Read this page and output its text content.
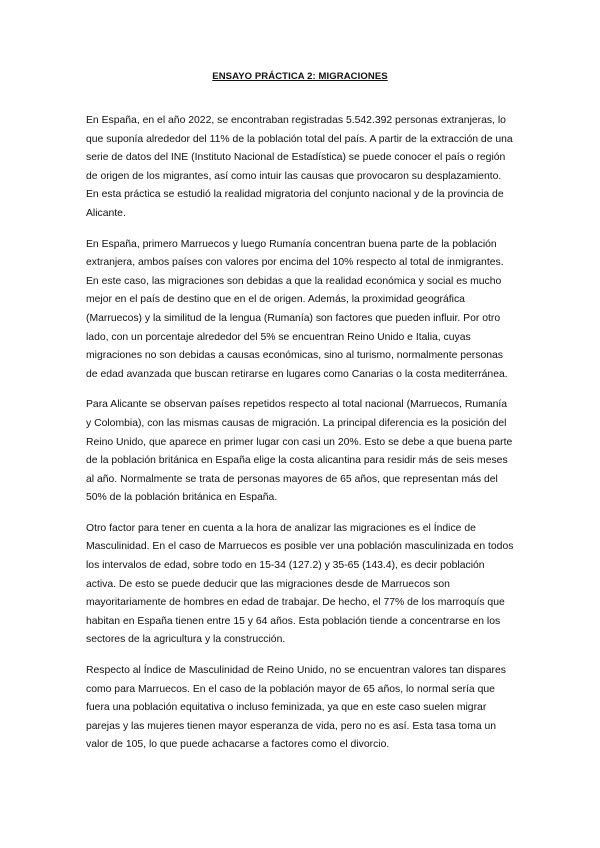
ENSAYO PRÁCTICA 2: MIGRACIONES

En España, en el año 2022, se encontraban registradas 5.542.392 personas extranjeras, lo que suponía alrededor del 11% de la población total del país. A partir de la extracción de una serie de datos del INE (Instituto Nacional de Estadística) se puede conocer el país o región de origen de los migrantes, así como intuir las causas que provocaron su desplazamiento. En esta práctica se estudió la realidad migratoria del conjunto nacional y de la provincia de Alicante.

En España, primero Marruecos y luego Rumanía concentran buena parte de la población extranjera, ambos países con valores por encima del 10% respecto al total de inmigrantes. En este caso, las migraciones son debidas a que la realidad económica y social es mucho mejor en el país de destino que en el de origen. Además, la proximidad geográfica (Marruecos) y la similitud de la lengua (Rumanía) son factores que pueden influir. Por otro lado, con un porcentaje alrededor del 5% se encuentran Reino Unido e Italia, cuyas migraciones no son debidas a causas económicas, sino al turismo, normalmente personas de edad avanzada que buscan retirarse en lugares como Canarias o la costa mediterránea.

Para Alicante se observan países repetidos respecto al total nacional (Marruecos, Rumanía y Colombia), con las mismas causas de migración. La principal diferencia es la posición del Reino Unido, que aparece en primer lugar con casi un 20%. Esto se debe a que buena parte de la población británica en España elige la costa alicantina para residir más de seis meses al año. Normalmente se trata de personas mayores de 65 años, que representan más del 50% de la población británica en España.

Otro factor para tener en cuenta a la hora de analizar las migraciones es el Índice de Masculinidad. En el caso de Marruecos es posible ver una población masculinizada en todos los intervalos de edad, sobre todo en 15-34 (127.2) y 35-65 (143.4), es decir población activa. De esto se puede deducir que las migraciones desde de Marruecos son mayoritariamente de hombres en edad de trabajar. De hecho, el 77% de los marroquís que habitan en España tienen entre 15 y 64 años. Esta población tiende a concentrarse en los sectores de la agricultura y la construcción.

Respecto al Índice de Masculinidad de Reino Unido, no se encuentran valores tan dispares como para Marruecos. En el caso de la población mayor de 65 años, lo normal sería que fuera una población equitativa o incluso feminizada, ya que en este caso suelen migrar parejas y las mujeres tienen mayor esperanza de vida, pero no es así. Esta tasa toma un valor de 105, lo que puede achacarse a factores como el divorcio.
